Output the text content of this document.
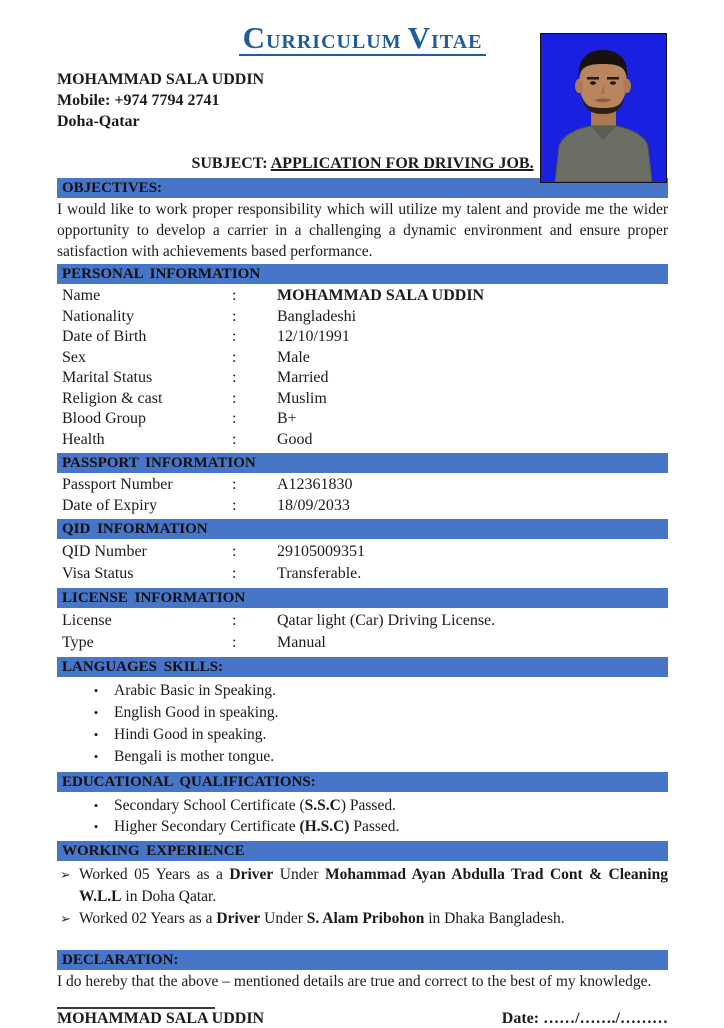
CURRICULUM VITAE
MOHAMMAD SALA UDDIN
Mobile: +974 7794 2741
Doha-Qatar
SUBJECT: APPLICATION FOR DRIVING JOB.
OBJECTIVES:
I would like to work proper responsibility which will utilize my talent and provide me the wider opportunity to develop a carrier in a challenging a dynamic environment and ensure proper satisfaction with achievements based performance.
PERSONAL INFORMATION
Name	:	MOHAMMAD SALA UDDIN
Nationality	:	Bangladeshi
Date of Birth	:	12/10/1991
Sex	:	Male
Marital Status	:	Married
Religion & cast	:	Muslim
Blood Group	:	B+
Health	:	Good
PASSPORT INFORMATION
Passport Number	:	A12361830
Date of Expiry	:	18/09/2033
QID INFORMATION
QID Number	:	29105009351
Visa Status	:	Transferable.
LICENSE INFORMATION
License	:	Qatar light (Car) Driving License.
Type	:	Manual
LANGUAGES SKILLS:
•	Arabic Basic in Speaking.
•	English Good in speaking.
•	Hindi Good in speaking.
•	Bengali is mother tongue.
EDUCATIONAL QUALIFICATIONS:
•	Secondary School Certificate (S.S.C) Passed.
•	Higher Secondary Certificate (H.S.C) Passed.
WORKING EXPERIENCE
➢ Worked 05 Years as a Driver Under Mohammad Ayan Abdulla Trad Cont & Cleaning W.L.L in Doha Qatar.
➢ Worked 02 Years as a Driver Under S. Alam Pribohon in Dhaka Bangladesh.
DECLARATION:
I do hereby that the above – mentioned details are true and correct to the best of my knowledge.
MOHAMMAD SALA UDDIN	Date: ……/……./………
